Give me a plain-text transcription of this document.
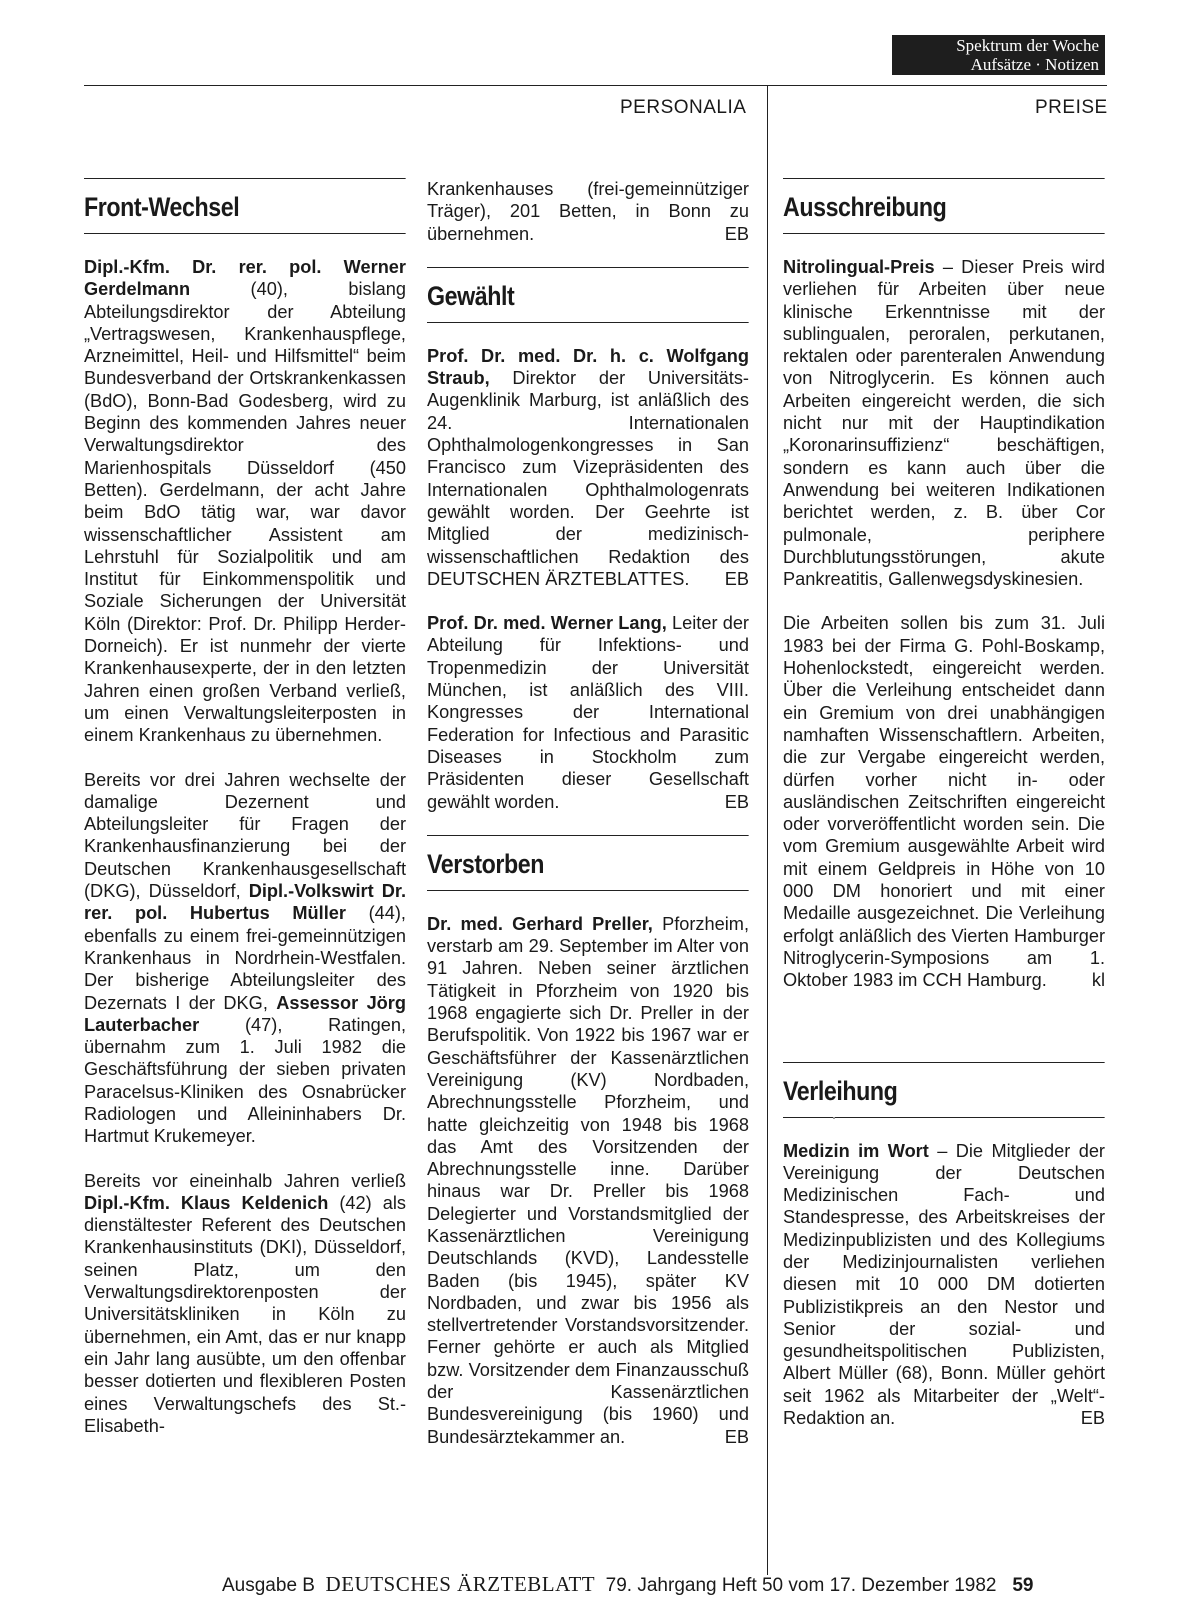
Spektrum der Woche
Aufsätze · Notizen
PERSONALIA	PREISE
Front-Wechsel

Dipl.-Kfm. Dr. rer. pol. Werner Gerdelmann (40), bislang Abteilungsdirektor der Abteilung „Vertragswesen, Krankenhauspflege, Arzneimittel, Heil- und Hilfsmittel“ beim Bundesverband der Ortskrankenkassen (BdO), Bonn-Bad Godesberg, wird zu Beginn des kommenden Jahres neuer Verwaltungsdirektor des Marienhospitals Düsseldorf (450 Betten). Gerdelmann, der acht Jahre beim BdO tätig war, war davor wissenschaftlicher Assistent am Lehrstuhl für Sozialpolitik und am Institut für Einkommenspolitik und Soziale Sicherungen der Universität Köln (Direktor: Prof. Dr. Philipp Herder-Dorneich). Er ist nunmehr der vierte Krankenhausexperte, der in den letzten Jahren einen großen Verband verließ, um einen Verwaltungsleiterposten in einem Krankenhaus zu übernehmen.

Bereits vor drei Jahren wechselte der damalige Dezernent und Abteilungsleiter für Fragen der Krankenhausfinanzierung bei der Deutschen Krankenhausgesellschaft (DKG), Düsseldorf, Dipl.-Volkswirt Dr. rer. pol. Hubertus Müller (44), ebenfalls zu einem frei-gemeinnützigen Krankenhaus in Nordrhein-Westfalen. Der bisherige Abteilungsleiter des Dezernats I der DKG, Assessor Jörg Lauterbacher (47), Ratingen, übernahm zum 1. Juli 1982 die Geschäftsführung der sieben privaten Paracelsus-Kliniken des Osnabrücker Radiologen und Alleininhabers Dr. Hartmut Krukemeyer.

Bereits vor eineinhalb Jahren verließ Dipl.-Kfm. Klaus Keldenich (42) als dienstältester Referent des Deutschen Krankenhausinstituts (DKI), Düsseldorf, seinen Platz, um den Verwaltungsdirektorenposten der Universitätskliniken in Köln zu übernehmen, ein Amt, das er nur knapp ein Jahr lang ausübte, um den offenbar besser dotierten und flexibleren Posten eines Verwaltungschefs des St.-Elisabeth-

Krankenhauses (frei-gemeinnütziger Träger), 201 Betten, in Bonn zu übernehmen.	EB

Gewählt

Prof. Dr. med. Dr. h. c. Wolfgang Straub, Direktor der Universitäts-Augenklinik Marburg, ist anläßlich des 24. Internationalen Ophthalmologenkongresses in San Francisco zum Vizepräsidenten des Internationalen Ophthalmologenrats gewählt worden. Der Geehrte ist Mitglied der medizinisch-wissenschaftlichen Redaktion des DEUTSCHEN ÄRZTEBLATTES. EB

Prof. Dr. med. Werner Lang, Leiter der Abteilung für Infektions- und Tropenmedizin der Universität München, ist anläßlich des VIII. Kongresses der International Federation for Infectious and Parasitic Diseases in Stockholm zum Präsidenten dieser Gesellschaft gewählt worden.	EB

Verstorben

Dr. med. Gerhard Preller, Pforzheim, verstarb am 29. September im Alter von 91 Jahren. Neben seiner ärztlichen Tätigkeit in Pforzheim von 1920 bis 1968 engagierte sich Dr. Preller in der Berufspolitik. Von 1922 bis 1967 war er Geschäftsführer der Kassenärztlichen Vereinigung (KV) Nordbaden, Abrechnungsstelle Pforzheim, und hatte gleichzeitig von 1948 bis 1968 das Amt des Vorsitzenden der Abrechnungsstelle inne. Darüber hinaus war Dr. Preller bis 1968 Delegierter und Vorstandsmitglied der Kassenärztlichen Vereinigung Deutschlands (KVD), Landesstelle Baden (bis 1945), später KV Nordbaden, und zwar bis 1956 als stellvertretender Vorstandsvorsitzender. Ferner gehörte er auch als Mitglied bzw. Vorsitzender dem Finanzausschuß der Kassenärztlichen Bundesvereinigung (bis 1960) und Bundesärztekammer an.	EB

Ausschreibung

Nitrolingual-Preis – Dieser Preis wird verliehen für Arbeiten über neue klinische Erkenntnisse mit der sublingualen, peroralen, perkutanen, rektalen oder parenteralen Anwendung von Nitroglycerin. Es können auch Arbeiten eingereicht werden, die sich nicht nur mit der Hauptindikation „Koronarinsuffizienz“ beschäftigen, sondern es kann auch über die Anwendung bei weiteren Indikationen berichtet werden, z. B. über Cor pulmonale, periphere Durchblutungsstörungen, akute Pankreatitis, Gallenwegsdyskinesien.

Die Arbeiten sollen bis zum 31. Juli 1983 bei der Firma G. Pohl-Boskamp, Hohenlockstedt, eingereicht werden. Über die Verleihung entscheidet dann ein Gremium von drei unabhängigen namhaften Wissenschaftlern. Arbeiten, die zur Vergabe eingereicht werden, dürfen vorher nicht in- oder ausländischen Zeitschriften eingereicht oder vorveröffentlicht worden sein. Die vom Gremium ausgewählte Arbeit wird mit einem Geldpreis in Höhe von 10 000 DM honoriert und mit einer Medaille ausgezeichnet. Die Verleihung erfolgt anläßlich des Vierten Hamburger Nitroglycerin-Symposions am 1. Oktober 1983 im CCH Hamburg. kl

Verleihung

Medizin im Wort – Die Mitglieder der Vereinigung der Deutschen Medizinischen Fach- und Standespresse, des Arbeitskreises der Medizinpublizisten und des Kollegiums der Medizinjournalisten verliehen diesen mit 10 000 DM dotierten Publizistikpreis an den Nestor und Senior der sozial- und gesundheitspolitischen Publizisten, Albert Müller (68), Bonn. Müller gehört seit 1962 als Mitarbeiter der „Welt“-Redaktion an.	EB

Ausgabe B DEUTSCHES ÄRZTEBLATT 79. Jahrgang Heft 50 vom 17. Dezember 1982 59
